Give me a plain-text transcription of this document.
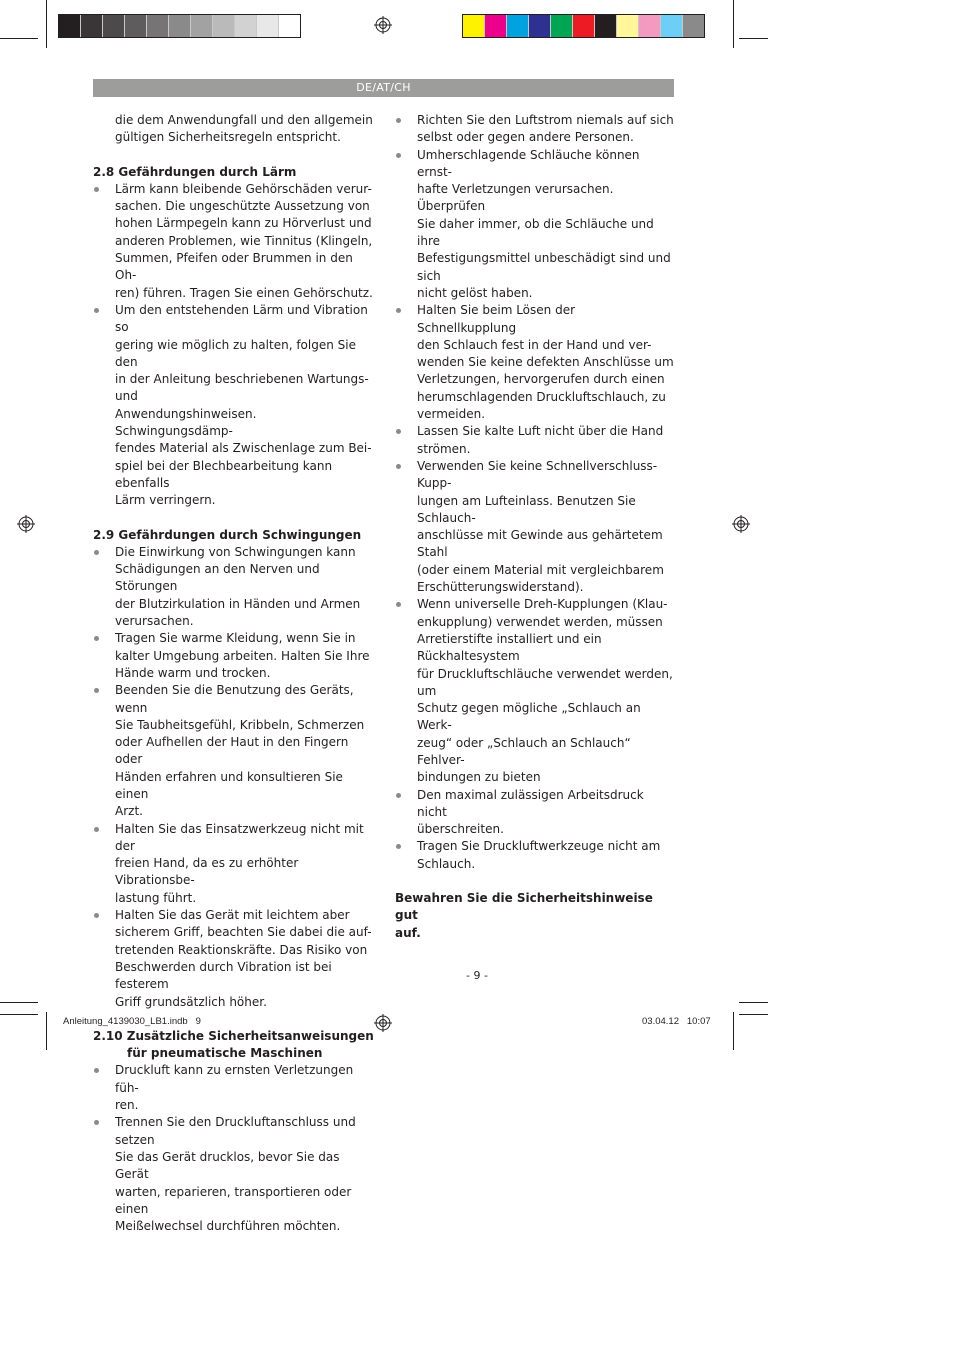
DE/AT/CH

die dem Anwendungfall und den allgemein

gültigen Sicherheitsregeln entspricht.

2.8 Gefährdungen durch Lärm

Lärm kann bleibende Gehörschäden verur-

sachen. Die ungeschützte Aussetzung von

hohen Lärmpegeln kann zu Hörverlust und

anderen Problemen, wie Tinnitus (Klingeln,

Summen, Pfeifen oder Brummen in den Oh-

ren) führen. Tragen Sie einen Gehörschutz.

Um den entstehenden Lärm und Vibration so

gering wie möglich zu halten, folgen Sie den

in der Anleitung beschriebenen Wartungs-und

Anwendungshinweisen. Schwingungsdämp-

fendes Material als Zwischenlage zum Bei-

spiel bei der Blechbearbeitung kann ebenfalls

Lärm verringern.

2.9 Gefährdungen durch Schwingungen

Die Einwirkung von Schwingungen kann

Schädigungen an den Nerven und Störungen

der Blutzirkulation in Händen und Armen

verursachen.

Tragen Sie warme Kleidung, wenn Sie in

kalter Umgebung arbeiten. Halten Sie Ihre

Hände warm und trocken.

Beenden Sie die Benutzung des Geräts, wenn

Sie Taubheitsgefühl, Kribbeln, Schmerzen

oder Aufhellen der Haut in den Fingern oder

Händen erfahren und konsultieren Sie einen

Arzt.

Halten Sie das Einsatzwerkzeug nicht mit der

freien Hand, da es zu erhöhter Vibrationsbe-

lastung führt.

Halten Sie das Gerät mit leichtem aber

sicherem Griff, beachten Sie dabei die auf-

tretenden Reaktionskräfte. Das Risiko von

Beschwerden durch Vibration ist bei festerem

Griff grundsätzlich höher.

2.10 Zusätzliche Sicherheitsanweisungen
für pneumatische Maschinen

Druckluft kann zu ernsten Verletzungen füh-

ren.

Trennen Sie den Druckluftanschluss und setzen

Sie das Gerät drucklos, bevor Sie das Gerät

warten, reparieren, transportieren oder einen

Meißelwechsel durchführen möchten.

Richten Sie den Luftstrom niemals auf sich

selbst oder gegen andere Personen.

Umherschlagende Schläuche können ernst-

hafte Verletzungen verursachen. Überprüfen

Sie daher immer, ob die Schläuche und ihre

Befestigungsmittel unbeschädigt sind und sich

nicht gelöst haben.

Halten Sie beim Lösen der Schnellkupplung

den Schlauch fest in der Hand und ver-

wenden Sie keine defekten Anschlüsse um

Verletzungen, hervorgerufen durch einen

herumschlagenden Druckluftschlauch, zu

vermeiden.

Lassen Sie kalte Luft nicht über die Hand

strömen.

Verwenden Sie keine Schnellverschluss-Kupp-

lungen am Lufteinlass. Benutzen Sie Schlauch-

anschlüsse mit Gewinde aus gehärtetem Stahl

(oder einem Material mit vergleichbarem

Erschütterungswiderstand).

Wenn universelle Dreh-Kupplungen (Klau-

enkupplung) verwendet werden, müssen

Arretierstifte installiert und ein Rückhaltesystem

für Druckluftschläuche verwendet werden, um

Schutz gegen mögliche „Schlauch an Werk-

zeug“ oder „Schlauch an Schlauch“ Fehlver-

bindungen zu bieten

Den maximal zulässigen Arbeitsdruck nicht

überschreiten.

Tragen Sie Druckluftwerkzeuge nicht am

Schlauch.

Bewahren Sie die Sicherheitshinweise gut
auf.
- 9 -
Anleitung_4139030_LB1.indb   9	03.04.12   10:07
